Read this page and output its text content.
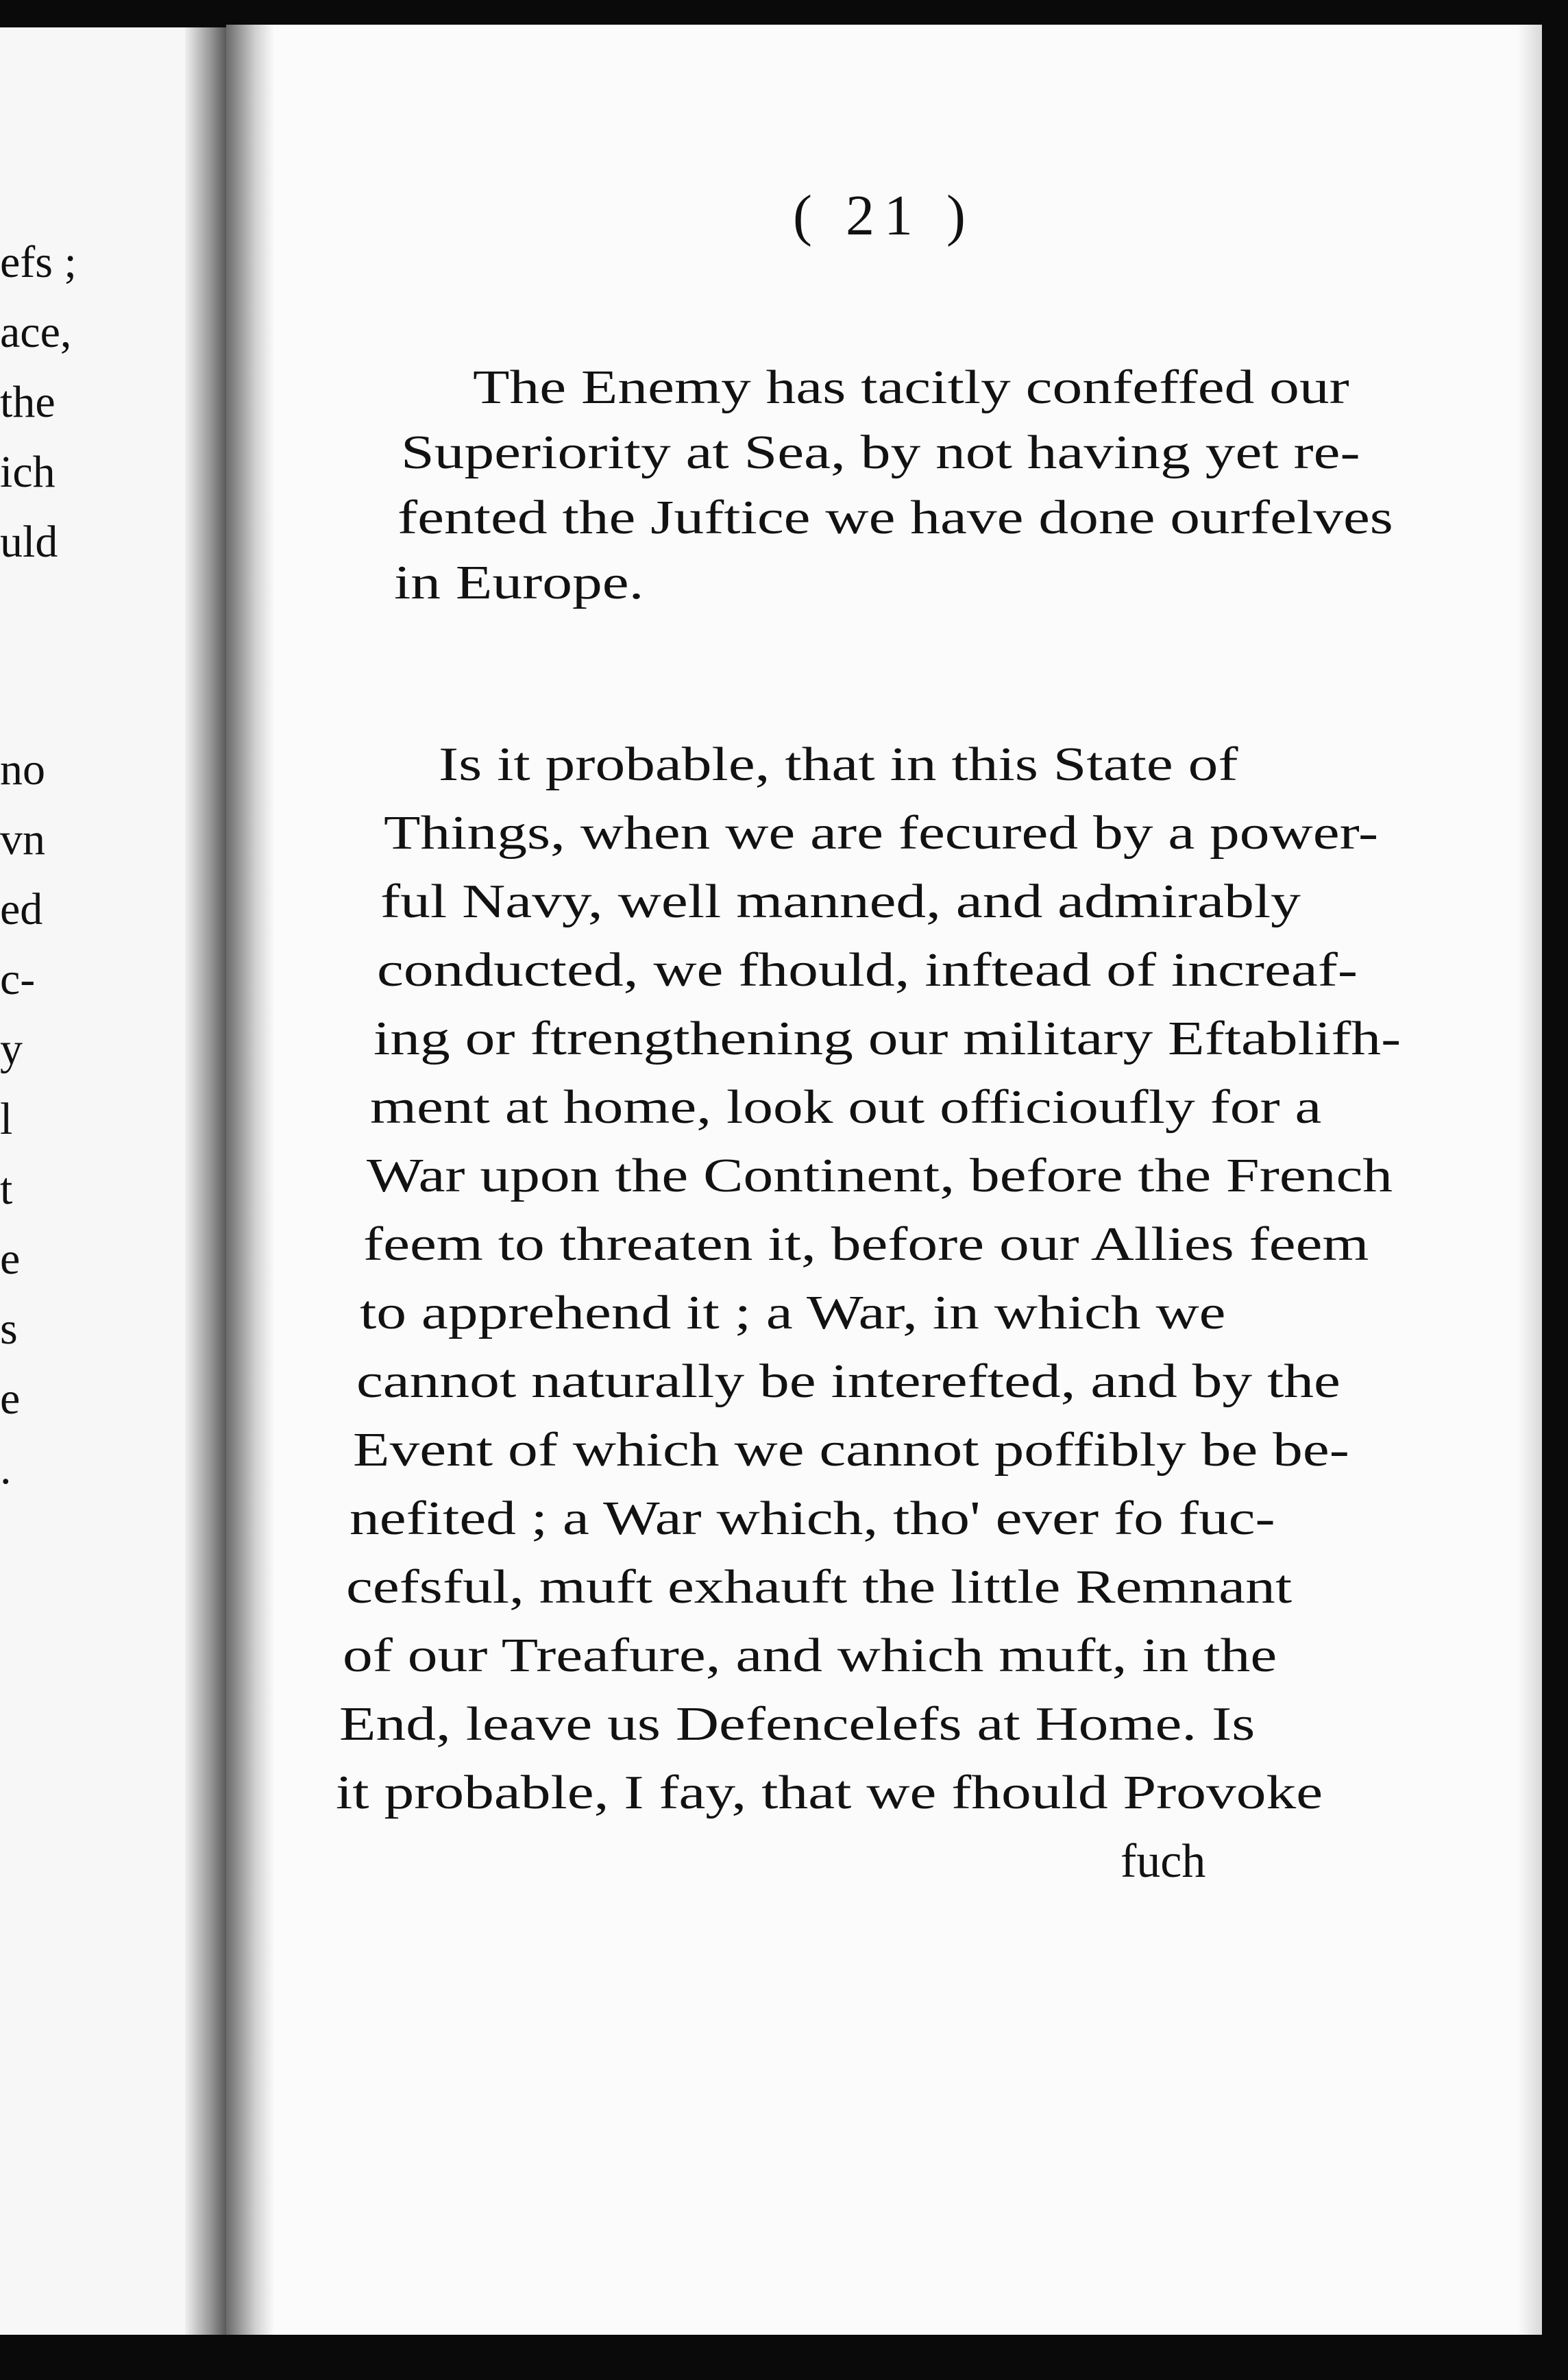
efs ;
ace,
the
ich
uld
no
vn
ed
c-
y
l
t
e
s
e
.
( 21 )
The Enemy has tacitly confeffed our
Superiority at Sea, by not having yet re-
fented the Juftice we have done ourfelves
in Europe.
Is it probable, that in this State of
Things, when we are fecured by a power-
ful Navy, well manned, and admirably
conducted, we fhould, inftead of increaf-
ing or ftrengthening our military Eftablifh-
ment at home, look out officioufly for a
War upon the Continent, before the French
feem to threaten it, before our Allies feem
to apprehend it ; a War, in which we
cannot naturally be interefted, and by the
Event of which we cannot poffibly be be-
nefited ; a War which, tho' ever fo fuc-
cefsful, muft exhauft the little Remnant
of our Treafure, and which muft, in the
End, leave us Defencelefs at Home. Is
it probable, I fay, that we fhould Provoke
fuch
